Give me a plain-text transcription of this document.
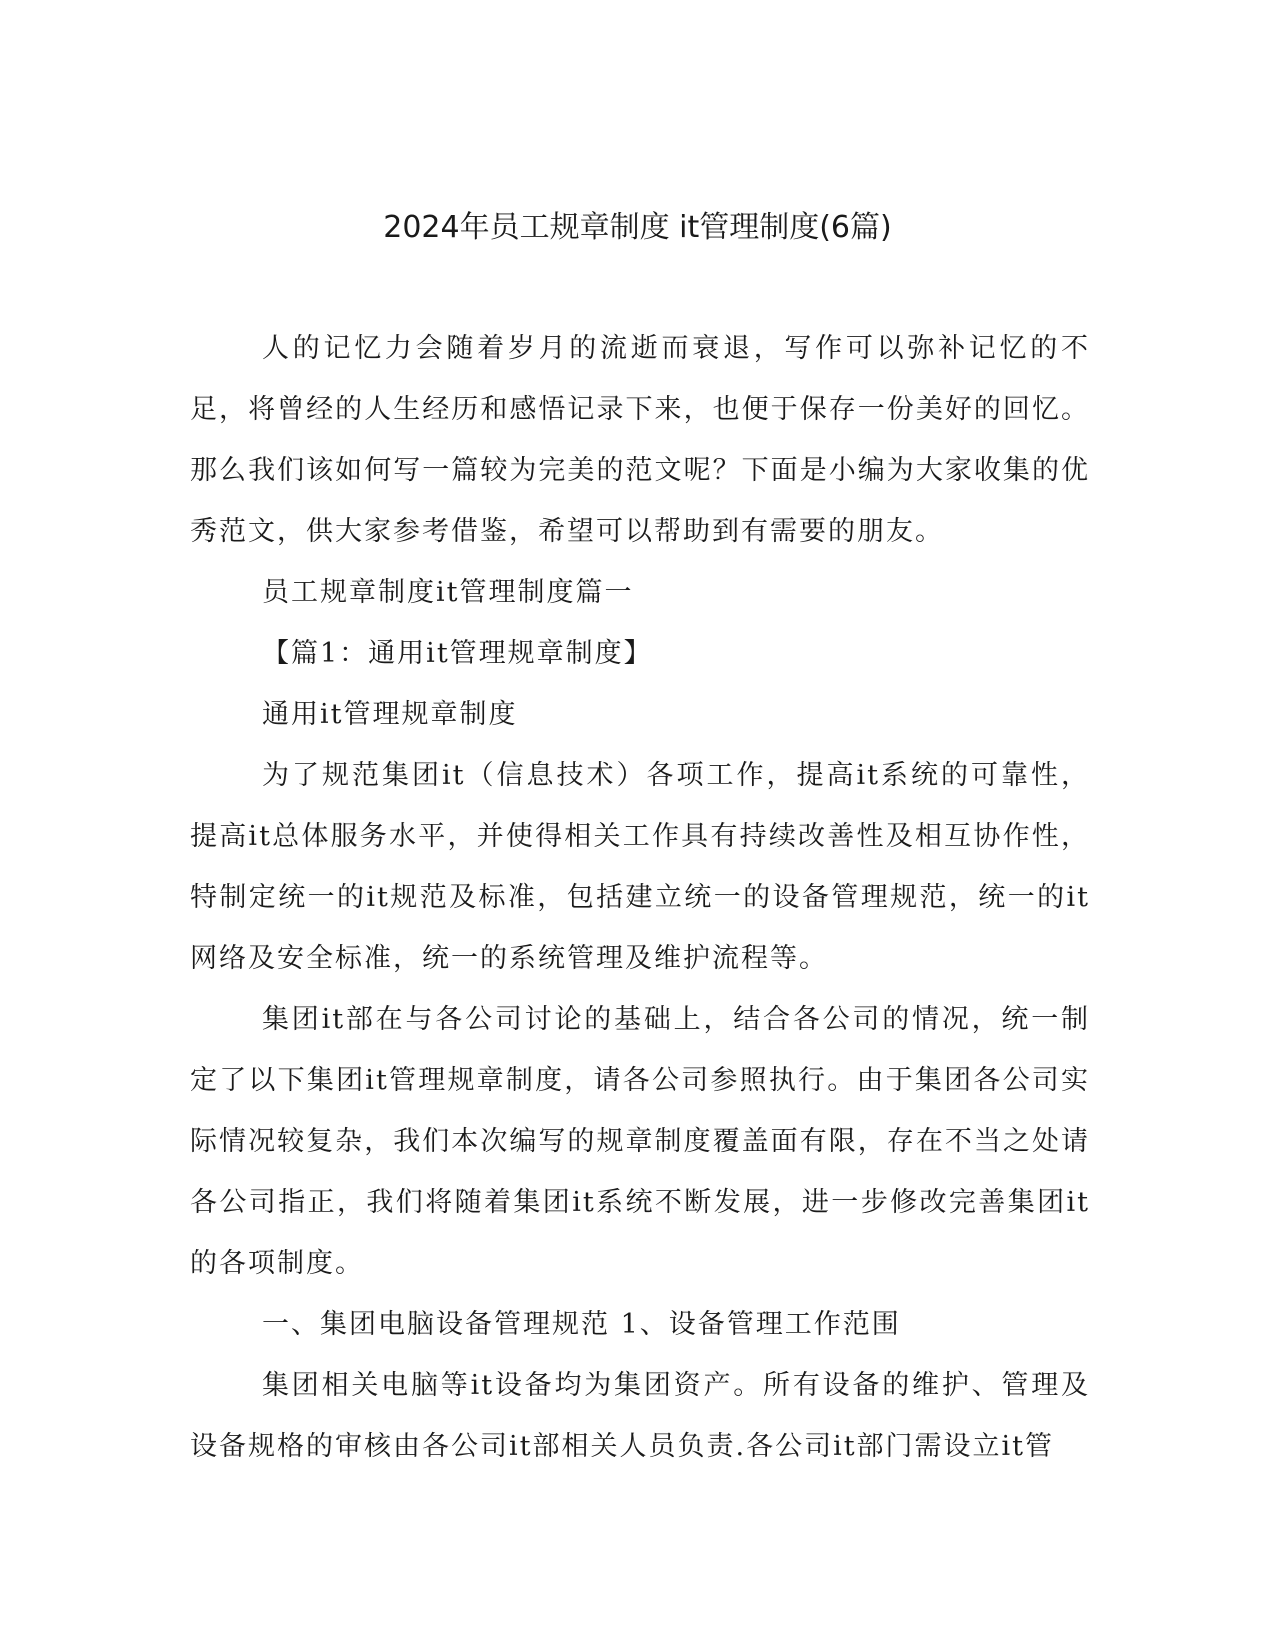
2024年员工规章制度 it管理制度(6篇)

人的记忆力会随着岁月的流逝而衰退，写作可以弥补记忆的不足，将曾经的人生经历和感悟记录下来，也便于保存一份美好的回忆。那么我们该如何写一篇较为完美的范文呢？下面是小编为大家收集的优秀范文，供大家参考借鉴，希望可以帮助到有需要的朋友。

员工规章制度it管理制度篇一

【篇1：通用it管理规章制度】

通用it管理规章制度

为了规范集团it（信息技术）各项工作，提高it系统的可靠性，提高it总体服务水平，并使得相关工作具有持续改善性及相互协作性，特制定统一的it规范及标准，包括建立统一的设备管理规范，统一的it网络及安全标准，统一的系统管理及维护流程等。

集团it部在与各公司讨论的基础上，结合各公司的情况，统一制定了以下集团it管理规章制度，请各公司参照执行。由于集团各公司实际情况较复杂，我们本次编写的规章制度覆盖面有限，存在不当之处请各公司指正，我们将随着集团it系统不断发展，进一步修改完善集团it的各项制度。

一、集团电脑设备管理规范 1、设备管理工作范围

集团相关电脑等it设备均为集团资产。所有设备的维护、管理及设备规格的审核由各公司it部相关人员负责.各公司it部门需设立it管
